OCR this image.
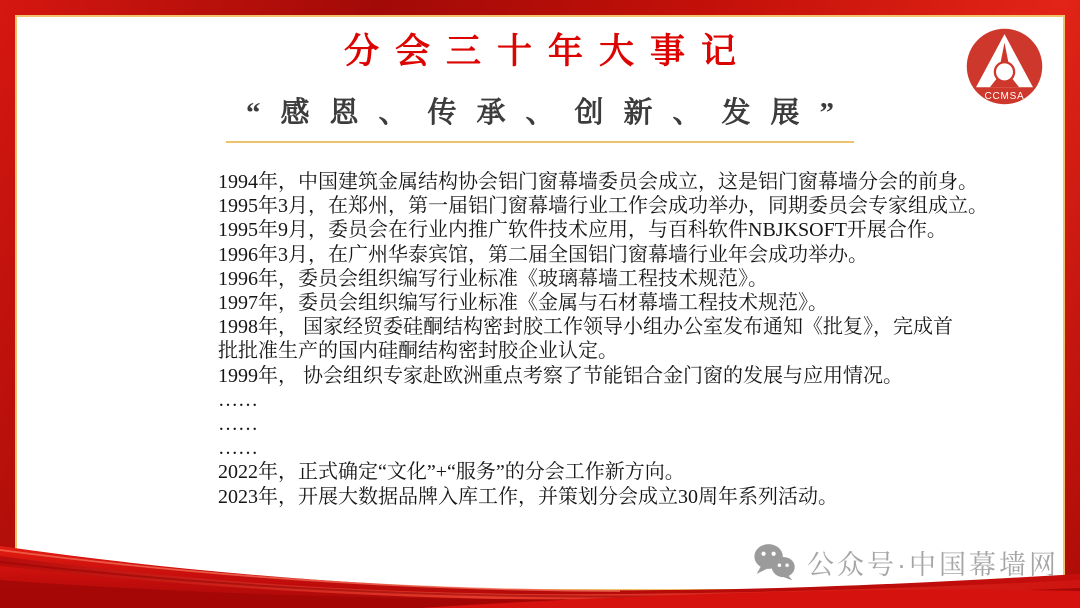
分会三十年大事记
“感恩、传承、创新、发展”

1994年，中国建筑金属结构协会铝门窗幕墙委员会成立，这是铝门窗幕墙分会的前身。

1995年3月，在郑州，第一届铝门窗幕墙行业工作会成功举办，同期委员会专家组成立。

1995年9月，委员会在行业内推广软件技术应用，与百科软件NBJKSOFT开展合作。

1996年3月，在广州华泰宾馆，第二届全国铝门窗幕墙行业年会成功举办。

1996年，委员会组织编写行业标准《玻璃幕墙工程技术规范》。

1997年，委员会组织编写行业标准《金属与石材幕墙工程技术规范》。

1998年， 国家经贸委硅酮结构密封胶工作领导小组办公室发布通知《批复》，完成首

批批准生产的国内硅酮结构密封胶企业认定。

1999年， 协会组织专家赴欧洲重点考察了节能铝合金门窗的发展与应用情况。

……

……

……

2022年，正式确定“文化”+“服务”的分会工作新方向。

2023年，开展大数据品牌入库工作，并策划分会成立30周年系列活动。

CCMSA
公众号·中国幕墙网
